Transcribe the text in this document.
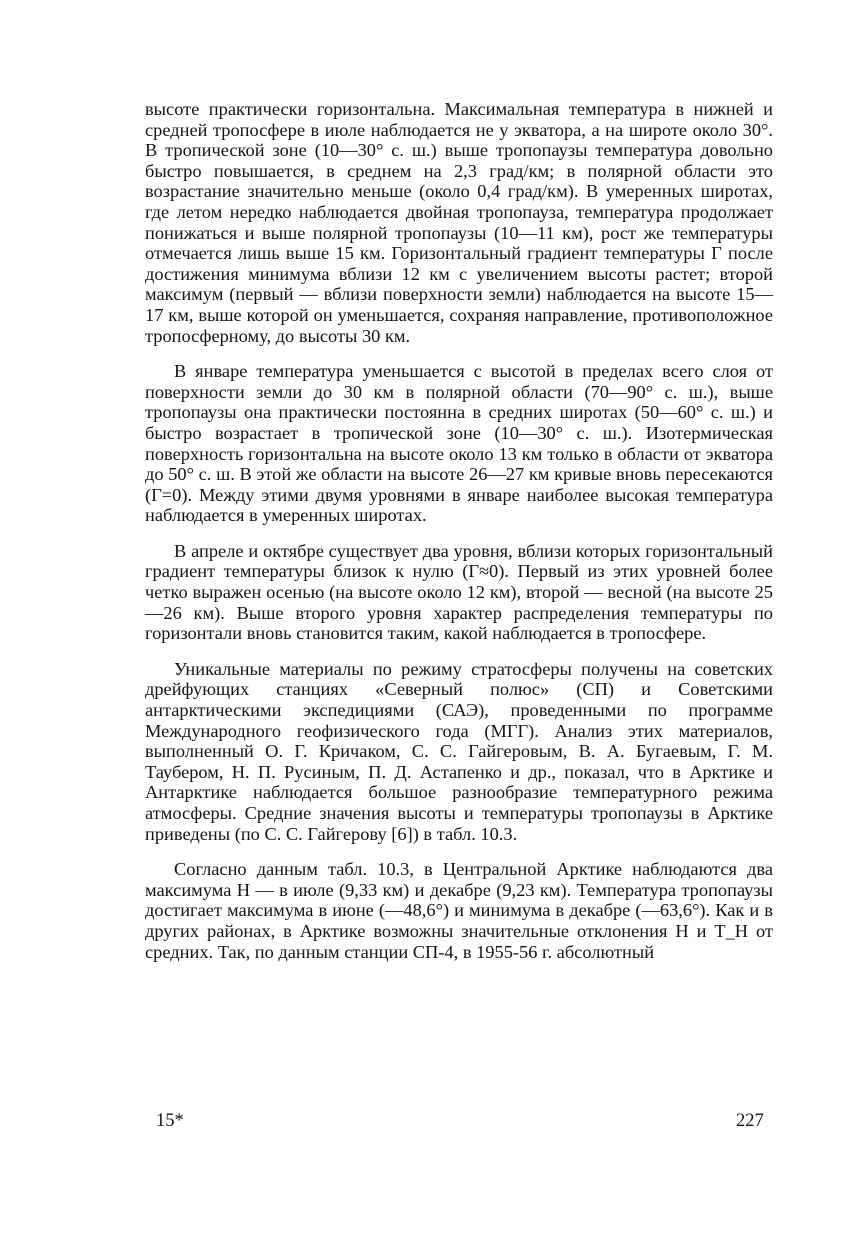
высоте практически горизонтальна. Максимальная температура в нижней и средней тропосфере в июле наблюдается не у экватора, а на широте около 30°. В тропической зоне (10—30° с. ш.) выше тропопаузы температура довольно быстро повышается, в среднем на 2,3 град/км; в полярной области это возрастание значительно меньше (около 0,4 град/км). В умеренных широтах, где летом нередко наблюдается двойная тропопауза, температура продолжает понижаться и выше полярной тропопаузы (10—11 км), рост же температуры отмечается лишь выше 15 км. Горизонтальный градиент температуры Г после достижения минимума вблизи 12 км с увеличением высоты растет; второй максимум (первый — вблизи поверхности земли) наблюдается на высоте 15—17 км, выше которой он уменьшается, сохраняя направление, противоположное тропосферному, до высоты 30 км.

В январе температура уменьшается с высотой в пределах всего слоя от поверхности земли до 30 км в полярной области (70—90° с. ш.), выше тропопаузы она практически постоянна в средних широтах (50—60° с. ш.) и быстро возрастает в тропической зоне (10—30° с. ш.). Изотермическая поверхность горизонтальна на высоте около 13 км только в области от экватора до 50° с. ш. В этой же области на высоте 26—27 км кривые вновь пересекаются (Г=0). Между этими двумя уровнями в январе наиболее высокая температура наблюдается в умеренных широтах.

В апреле и октябре существует два уровня, вблизи которых горизонтальный градиент температуры близок к нулю (Г≈0). Первый из этих уровней более четко выражен осенью (на высоте около 12 км), второй — весной (на высоте 25—26 км). Выше второго уровня характер распределения температуры по горизонтали вновь становится таким, какой наблюдается в тропосфере.

Уникальные материалы по режиму стратосферы получены на советских дрейфующих станциях «Северный полюс» (СП) и Советскими антарктическими экспедициями (САЭ), проведенными по программе Международного геофизического года (МГГ). Анализ этих материалов, выполненный О. Г. Кричаком, С. С. Гайгеровым, В. А. Бугаевым, Г. М. Таубером, Н. П. Русиным, П. Д. Астапенко и др., показал, что в Арктике и Антарктике наблюдается большое разнообразие температурного режима атмосферы. Средние значения высоты и температуры тропопаузы в Арктике приведены (по С. С. Гайгерову [6]) в табл. 10.3.

Согласно данным табл. 10.3, в Центральной Арктике наблюдаются два максимума H — в июле (9,33 км) и декабре (9,23 км). Температура тропопаузы достигает максимума в июне (—48,6°) и минимума в декабре (—63,6°). Как и в других районах, в Арктике возможны значительные отклонения H и T_H от средних. Так, по данным станции СП-4, в 1955-56 г. абсолютный

15*	227
